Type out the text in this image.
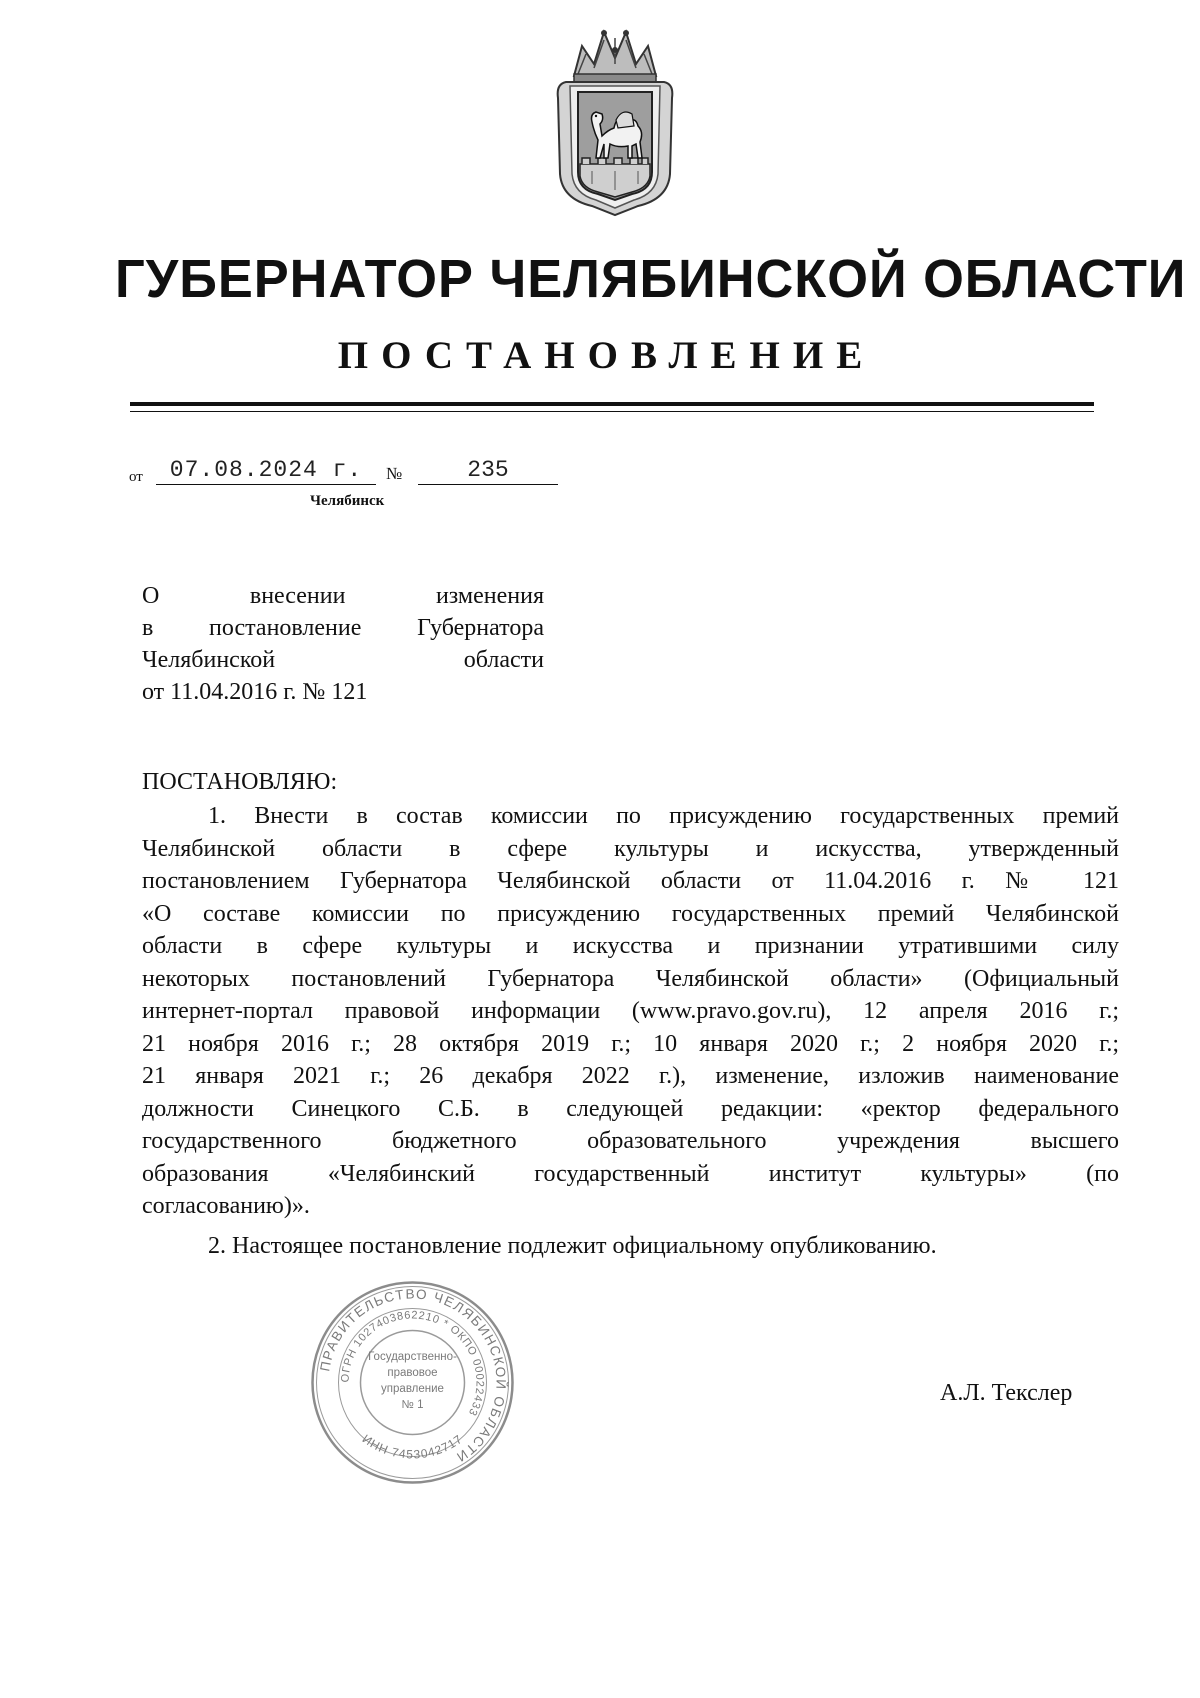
ГУБЕРНАТОР ЧЕЛЯБИНСКОЙ ОБЛАСТИ
ПОСТАНОВЛЕНИЕ
от	07.08.2024 г.	№	235
Челябинск
О внесении изменения
в постановление Губернатора
Челябинской области
от 11.04.2016 г. № 121
ПОСТАНОВЛЯЮ:
1. Внести в состав комиссии по присуждению государственных премий
Челябинской области в сфере культуры и искусства, утвержденный
постановлением Губернатора Челябинской области от 11.04.2016 г. № 121
«О составе комиссии по присуждению государственных премий Челябинской
области в сфере культуры и искусства и признании утратившими силу
некоторых постановлений Губернатора Челябинской области» (Официальный
интернет-портал правовой информации (www.pravo.gov.ru), 12 апреля 2016 г.;
21 ноября 2016 г.; 28 октября 2019 г.; 10 января 2020 г.; 2 ноября 2020 г.;
21 января 2021 г.; 26 декабря 2022 г.), изменение, изложив наименование
должности Синецкого С.Б. в следующей редакции: «ректор федерального
государственного бюджетного образовательного учреждения высшего
образования «Челябинский государственный институт культуры» (по
согласованию)».
2. Настоящее постановление подлежит официальному опубликованию.
ПРАВИТЕЛЬСТВО ЧЕЛЯБИНСКОЙ ОБЛАСТИ
ОГРН 1027403862210 * ОКПО 00022433
ИНН 7453042717
Государственно-
правовое
управление
№ 1	А.Л. Текслер
